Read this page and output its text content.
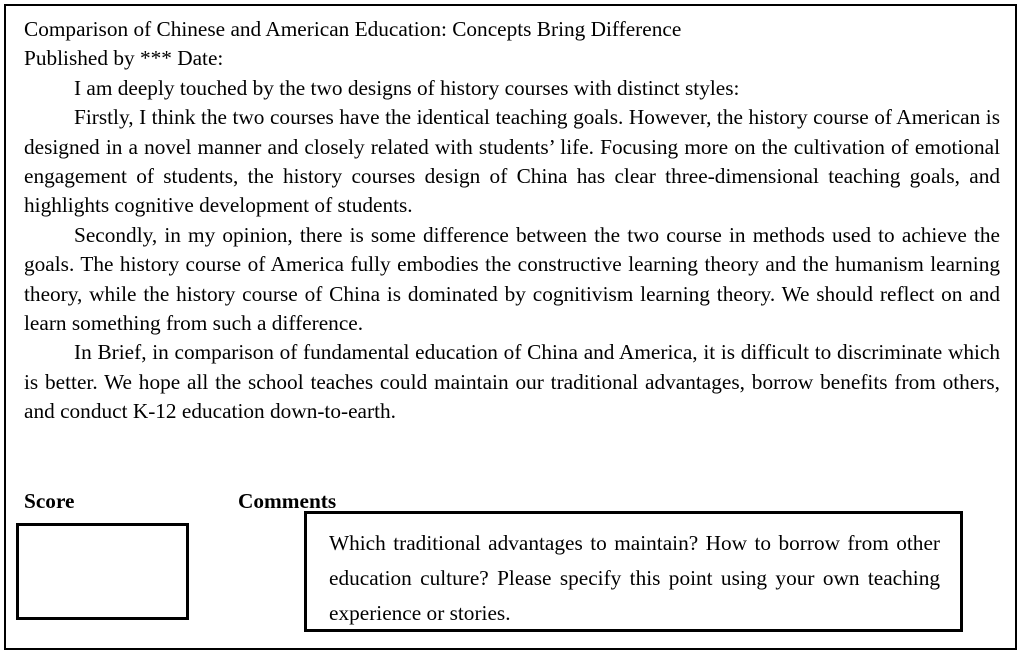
Comparison of Chinese and American Education: Concepts Bring Difference
Published by *** Date:
I am deeply touched by the two designs of history courses with distinct styles:
Firstly, I think the two courses have the identical teaching goals. However, the history course of American is designed in a novel manner and closely related with students’ life. Focusing more on the cultivation of emotional engagement of students, the history courses design of China has clear three-dimensional teaching goals, and highlights cognitive development of students.
Secondly, in my opinion, there is some difference between the two course in methods used to achieve the goals. The history course of America fully embodies the constructive learning theory and the humanism learning theory, while the history course of China is dominated by cognitivism learning theory. We should reflect on and learn something from such a difference.
In Brief, in comparison of fundamental education of China and America, it is difficult to discriminate which is better. We hope all the school teaches could maintain our traditional advantages, borrow benefits from others, and conduct K-12 education down-to-earth.
Score	Comments
Which traditional advantages to maintain? How to borrow from other education culture? Please specify this point using your own teaching experience or stories.
